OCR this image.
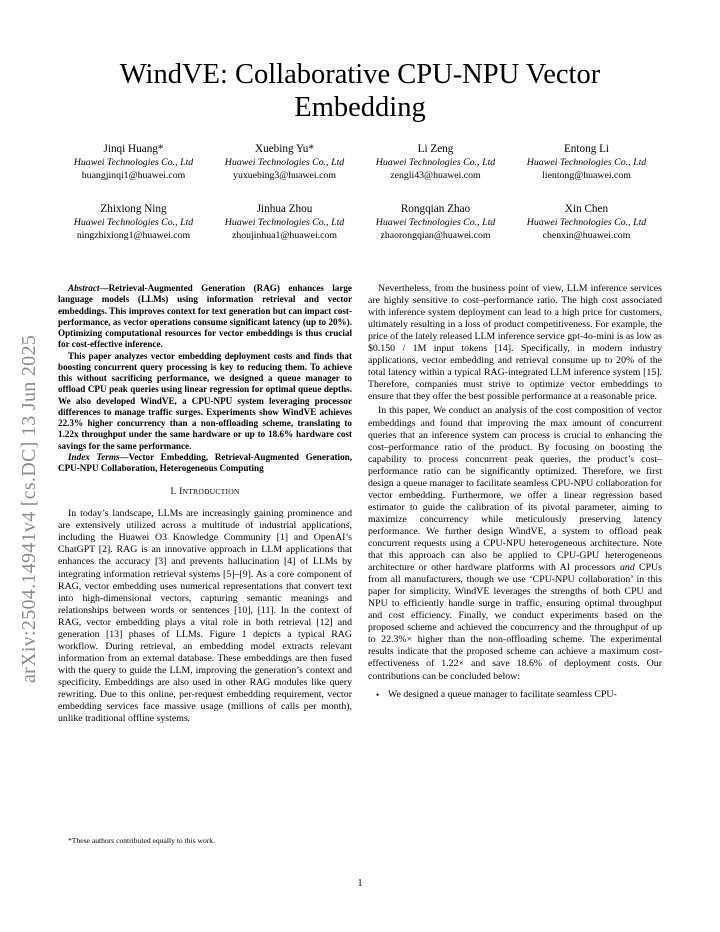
WindVE: Collaborative CPU-NPU Vector
Embedding
Jinqi Huang*
Huawei Technologies Co., Ltd
huangjinqi1@huawei.com
Xuebing Yu*
Huawei Technologies Co., Ltd
yuxuebing3@huawei.com
Li Zeng
Huawei Technologies Co., Ltd
zengli43@huawei.com
Entong Li
Huawei Technologies Co., Ltd
lientong@huawei.com
Zhixiong Ning
Huawei Technologies Co., Ltd
ningzhixiong1@huawei.com
Jinhua Zhou
Huawei Technologies Co., Ltd
zhoujinhua1@huawei.com
Rongqian Zhao
Huawei Technologies Co., Ltd
zhaorongqian@huawei.com
Xin Chen
Huawei Technologies Co., Ltd
chenxin@huawei.com
arXiv:2504.14941v4 [cs.DC] 13 Jun 2025

Abstract—Retrieval-Augmented Generation (RAG) enhances large language models (LLMs) using information retrieval and vector embeddings. This improves context for text generation but can impact cost-performance, as vector operations consume significant latency (up to 20%). Optimizing computational resources for vector embeddings is thus crucial for cost-effective inference.

This paper analyzes vector embedding deployment costs and finds that boosting concurrent query processing is key to reducing them. To achieve this without sacrificing performance, we designed a queue manager to offload CPU peak queries using linear regression for optimal queue depths. We also developed WindVE, a CPU-NPU system leveraging processor differences to manage traffic surges. Experiments show WindVE achieves 22.3% higher concurrency than a non-offloading scheme, translating to 1.22x throughput under the same hardware or up to 18.6% hardware cost savings for the same performance.

Index Terms—Vector Embedding, Retrieval-Augmented Generation, CPU-NPU Collaboration, Heterogeneous Computing

I. INTRODUCTION

In today’s landscape, LLMs are increasingly gaining prominence and are extensively utilized across a multitude of industrial applications, including the Huawei O3 Knowledge Community [1] and OpenAI’s ChatGPT [2]. RAG is an innovative approach in LLM applications that enhances the accuracy [3] and prevents hallucination [4] of LLMs by integrating information retrieval systems [5]–[9]. As a core component of RAG, vector embedding uses numerical representations that convert text into high-dimensional vectors, capturing semantic meanings and relationships between words or sentences [10], [11]. In the context of RAG, vector embedding plays a vital role in both retrieval [12] and generation [13] phases of LLMs. Figure 1 depicts a typical RAG workflow. During retrieval, an embedding model extracts relevant information from an external database. These embeddings are then fused with the query to guide the LLM, improving the generation’s context and specificity. Embeddings are also used in other RAG modules like query rewriting. Due to this online, per-request embedding requirement, vector embedding services face massive usage (millions of calls per month), unlike traditional offline systems.

*These authors contributed equally to this work.

Nevertheless, from the business point of view, LLM inference services are highly sensitive to cost–performance ratio. The high cost associated with inference system deployment can lead to a high price for customers, ultimately resulting in a loss of product competitiveness. For example, the price of the lately released LLM inference service gpt-4o-mini is as low as $0.150 / 1M input tokens [14]. Specifically, in modern industry applications, vector embedding and retrieval consume up to 20% of the total latency within a typical RAG-integrated LLM inference system [15]. Therefore, companies must strive to optimize vector embeddings to ensure that they offer the best possible performance at a reasonable price.

In this paper, We conduct an analysis of the cost composition of vector embeddings and found that improving the max amount of concurrent queries that an inference system can process is crucial to enhancing the cost–performance ratio of the product. By focusing on boosting the capability to process concurrent peak queries, the product’s cost–performance ratio can be significantly optimized. Therefore, we first design a queue manager to facilitate seamless CPU-NPU collaboration for vector embedding. Furthermore, we offer a linear regression based estimator to guide the calibration of its pivotal parameter, aiming to maximize concurrency while meticulously preserving latency performance. We further design WindVE, a system to offload peak concurrent requests using a CPU-NPU heterogeneous architecture. Note that this approach can also be applied to CPU-GPU heterogeneous architecture or other hardware platforms with AI processors and CPUs from all manufacturers, though we use ‘CPU-NPU collaboration’ in this paper for simplicity. WindVE leverages the strengths of both CPU and NPU to efficiently handle surge in traffic, ensuring optimal throughput and cost efficiency. Finally, we conduct experiments based on the proposed scheme and achieved the concurrency and the throughput of up to 22.3%× higher than the non-offloading scheme. The experimental results indicate that the proposed scheme can achieve a maximum cost-effectiveness of 1.22× and save 18.6% of deployment costs. Our contributions can be concluded below:

• We designed a queue manager to facilitate seamless CPU-

1
